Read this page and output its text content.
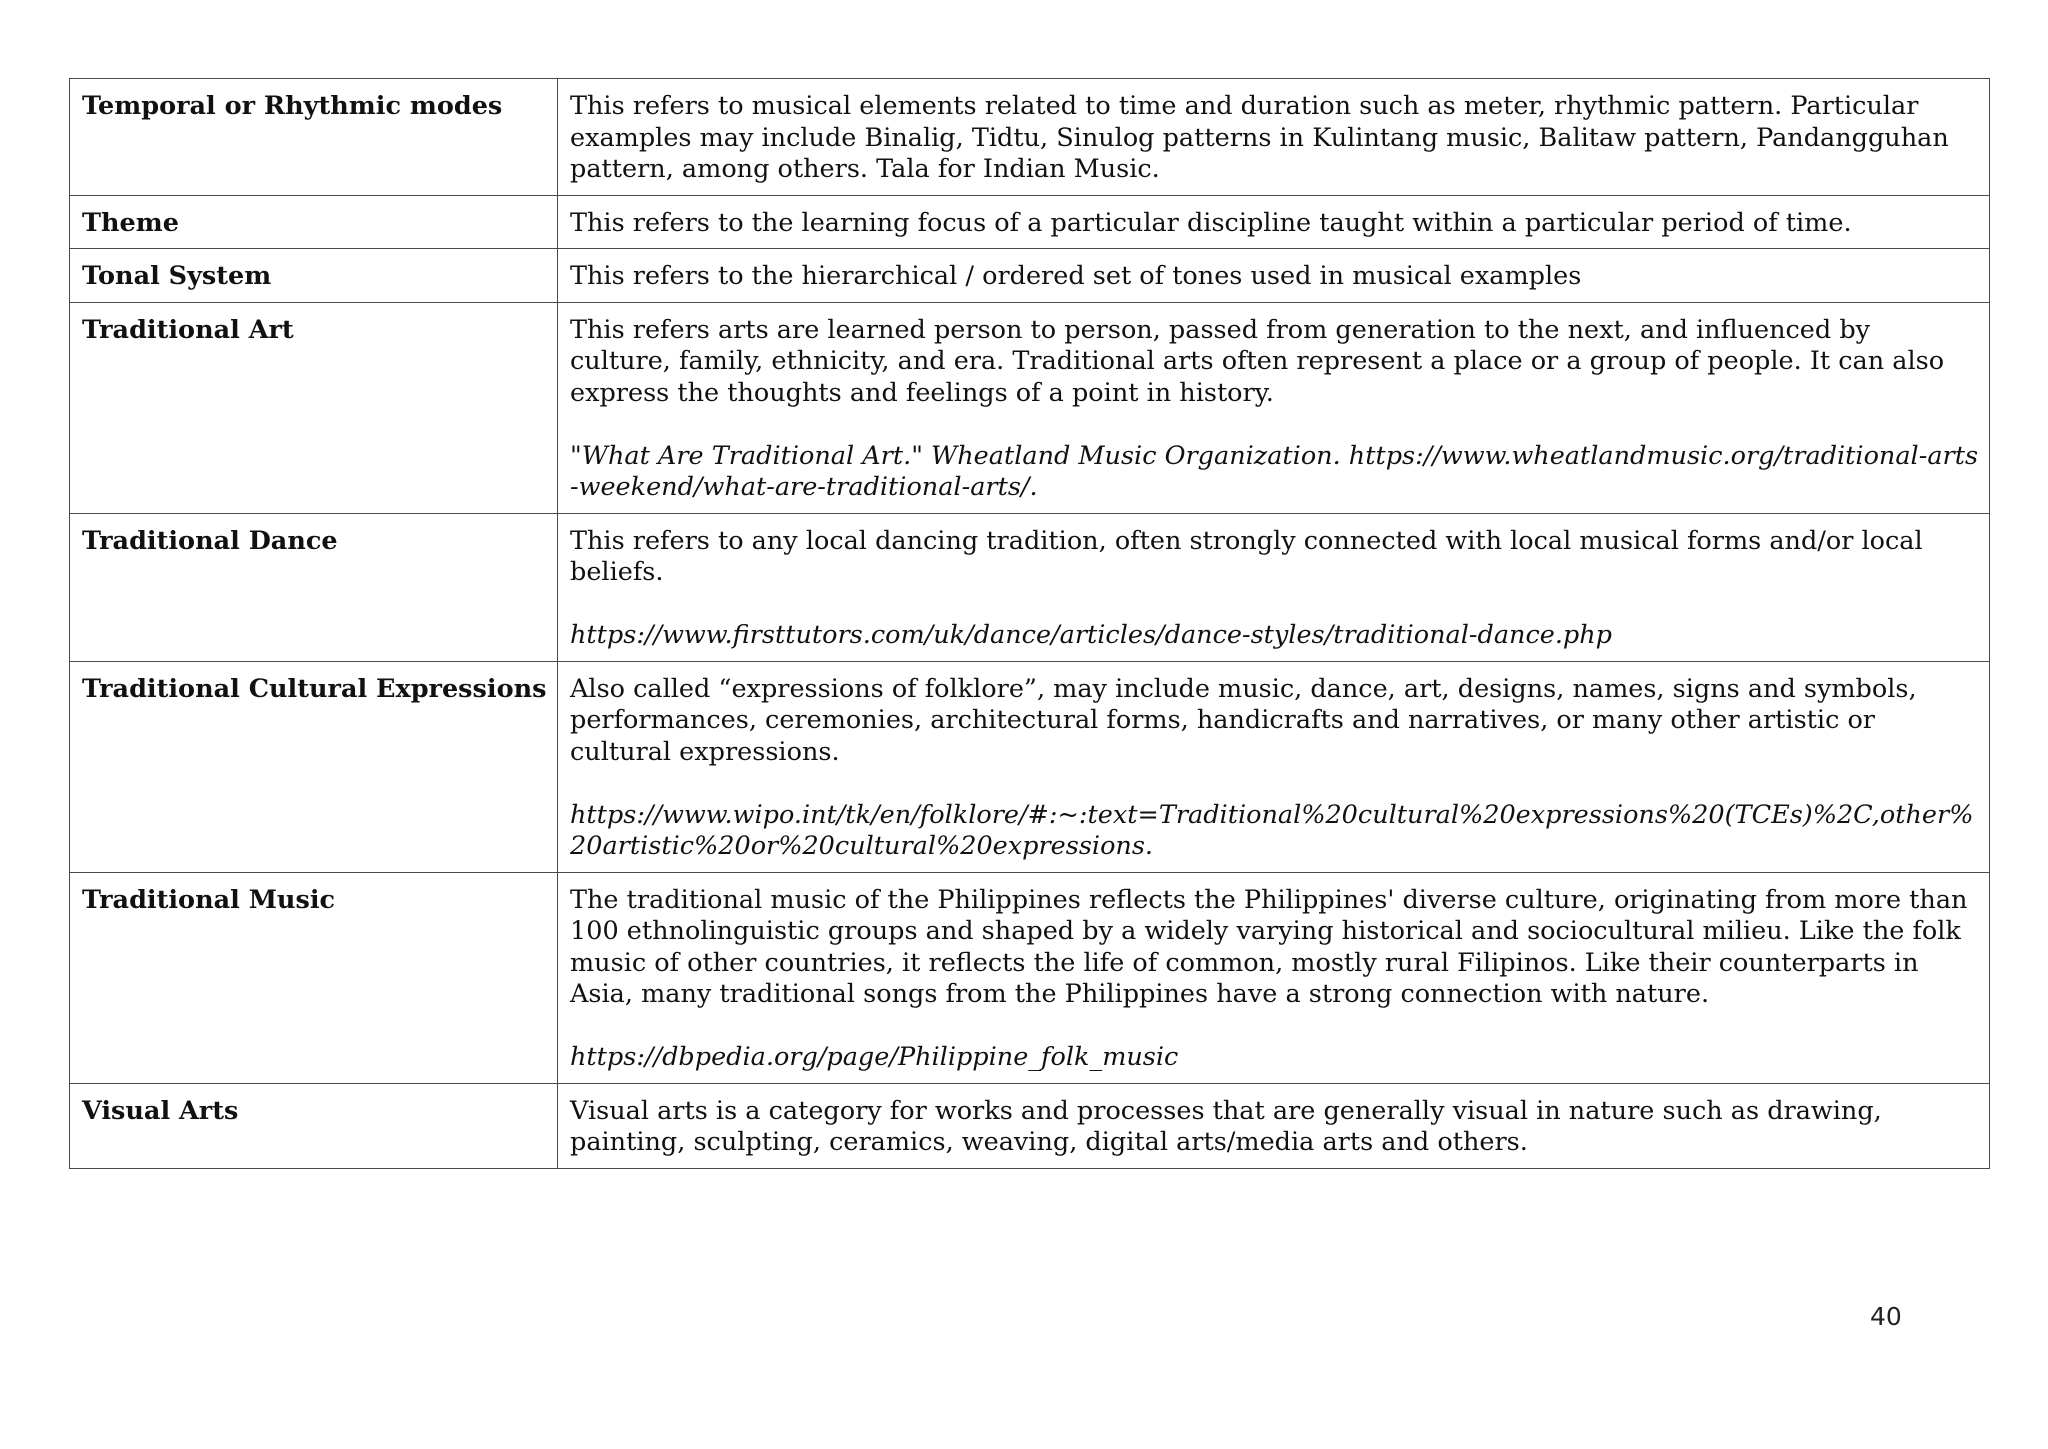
Temporal or Rhythmic modes	This refers to musical elements related to time and duration such as meter, rhythmic pattern. Particular examples may include Binalig, Tidtu, Sinulog patterns in Kulintang music, Balitaw pattern, Pandangguhan pattern, among others. Tala for Indian Music.
Theme	This refers to the learning focus of a particular discipline taught within a particular period of time.
Tonal System	This refers to the hierarchical / ordered set of tones used in musical examples
Traditional Art	This refers arts are learned person to person, passed from generation to the next, and influenced by culture, family, ethnicity, and era. Traditional arts often represent a place or a group of people. It can also express the thoughts and feelings of a point in history.
"What Are Traditional Art." Wheatland Music Organization. https://www.wheatlandmusic.org/traditional-arts-weekend/what-are-traditional-arts/.

Traditional Dance	This refers to any local dancing tradition, often strongly connected with local musical forms and/or local beliefs.
https://www.firsttutors.com/uk/dance/articles/dance-styles/traditional-dance.php

Traditional Cultural Expressions	Also called “expressions of folklore”, may include music, dance, art, designs, names, signs and symbols, performances, ceremonies, architectural forms, handicrafts and narratives, or many other artistic or cultural expressions.
https://www.wipo.int/tk/en/folklore/#:~:text=Traditional%20cultural%20expressions%20(TCEs)%2C,other%20artistic%20or%20cultural%20expressions.

Traditional Music	The traditional music of the Philippines reflects the Philippines' diverse culture, originating from more than 100 ethnolinguistic groups and shaped by a widely varying historical and sociocultural milieu. Like the folk music of other countries, it reflects the life of common, mostly rural Filipinos. Like their counterparts in Asia, many traditional songs from the Philippines have a strong connection with nature.
https://dbpedia.org/page/Philippine_folk_music

Visual Arts	Visual arts is a category for works and processes that are generally visual in nature such as drawing, painting, sculpting, ceramics, weaving, digital arts/media arts and others.
40
